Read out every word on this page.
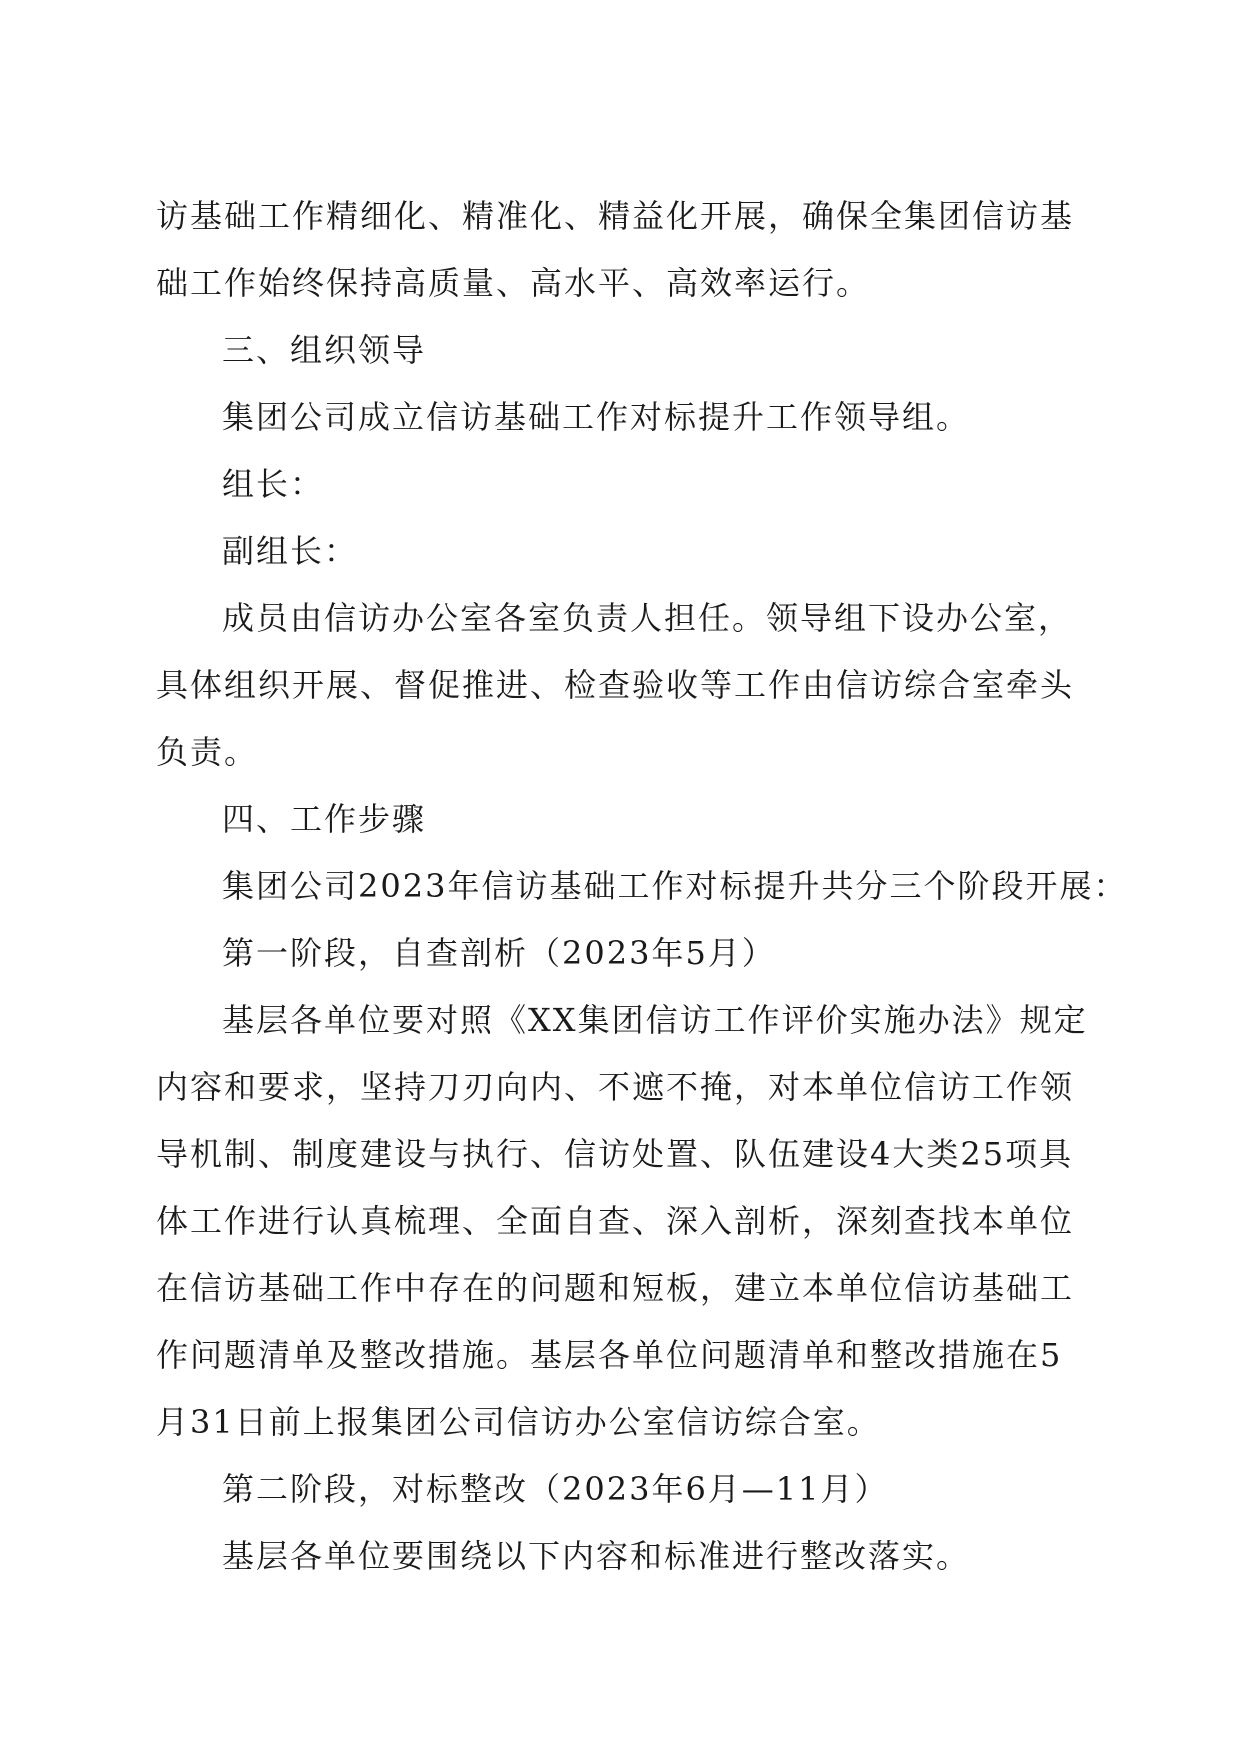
访基础工作精细化、精准化、精益化开展，确保全集团信访基
础工作始终保持高质量、高水平、高效率运行。
三、组织领导
集团公司成立信访基础工作对标提升工作领导组。
组长：
副组长：
成员由信访办公室各室负责人担任。领导组下设办公室，
具体组织开展、督促推进、检查验收等工作由信访综合室牵头
负责。
四、工作步骤
集团公司2023年信访基础工作对标提升共分三个阶段开展：
第一阶段，自查剖析（2023年5月）
基层各单位要对照《XX集团信访工作评价实施办法》规定
内容和要求，坚持刀刃向内、不遮不掩，对本单位信访工作领
导机制、制度建设与执行、信访处置、队伍建设4大类25项具
体工作进行认真梳理、全面自查、深入剖析，深刻查找本单位
在信访基础工作中存在的问题和短板，建立本单位信访基础工
作问题清单及整改措施。基层各单位问题清单和整改措施在5
月31日前上报集团公司信访办公室信访综合室。
第二阶段，对标整改（2023年6月—11月）
基层各单位要围绕以下内容和标准进行整改落实。
